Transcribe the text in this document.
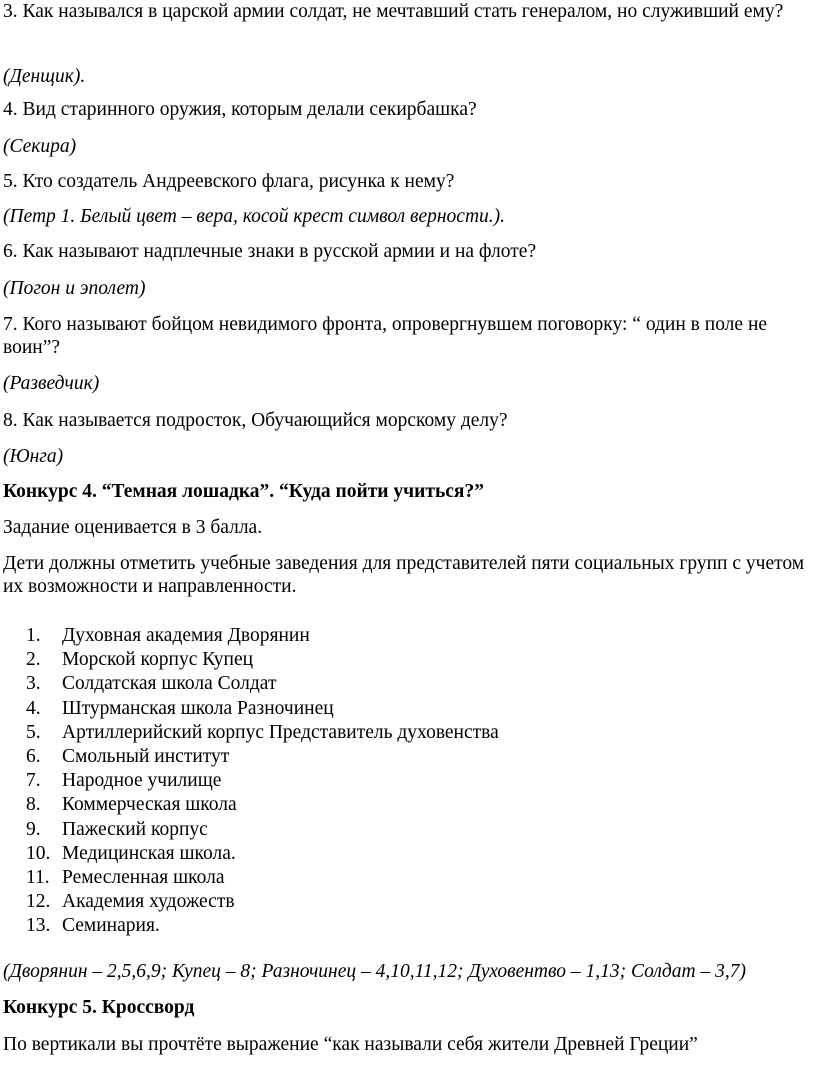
3. Как назывался в царской армии солдат, не мечтавший стать генералом, но служивший ему?

(Денщик).

4. Вид старинного оружия, которым делали секирбашка?

(Секира)

5. Кто создатель Андреевского флага, рисунка к нему?

(Петр 1. Белый цвет – вера, косой крест символ верности.).

6. Как называют надплечные знаки в русской армии и на флоте?

(Погон и эполет)

7. Кого называют бойцом невидимого фронта, опровергнувшем поговорку: “ один в поле не воин”?

(Разведчик)

8. Как называется подросток, Обучающийся морскому делу?

(Юнга)

Конкурс 4. “Темная лошадка”. “Куда пойти учиться?”

Задание оценивается в 3 балла.

Дети должны отметить учебные заведения для представителей пяти социальных групп с учетом их возможности и направленности.

1.	Духовная академия Дворянин
2.	Морской корпус Купец
3.	Солдатская школа Солдат
4.	Штурманская школа Разночинец
5.	Артиллерийский корпус Представитель духовенства
6.	Смольный институт
7.	Народное училище
8.	Коммерческая школа
9.	Пажеский корпус
10. Медицинская школа.
11. Ремесленная школа
12. Академия художеств
13. Семинария.

(Дворянин – 2,5,6,9; Купец – 8; Разночинец – 4,10,11,12; Духовентво – 1,13; Солдат – 3,7)

Конкурс 5. Кроссворд

По вертикали вы прочтёте выражение “как называли себя жители Древней Греции”
